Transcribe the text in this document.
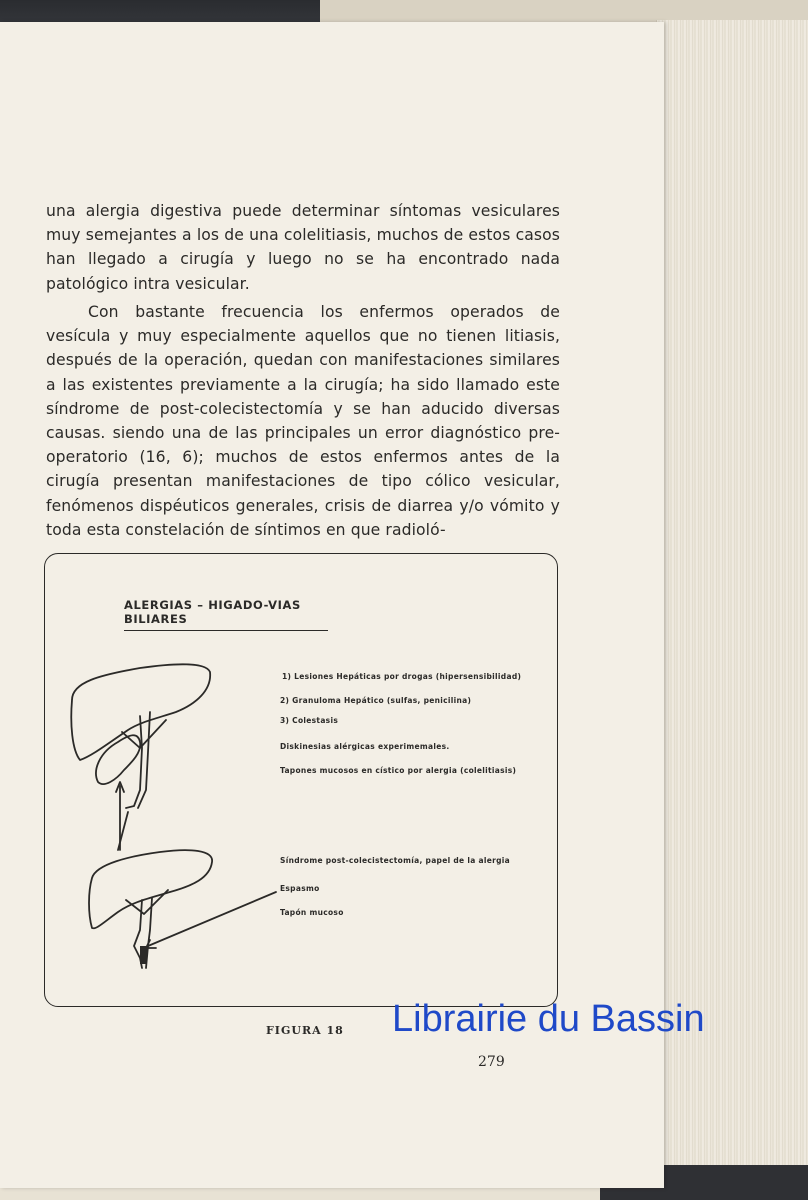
una alergia digestiva puede determinar síntomas vesiculares muy semejantes a los de una colelitiasis, muchos de estos casos han llegado a cirugía y luego no se ha encontrado nada patológico intra vesicular.
Con bastante frecuencia los enfermos operados de vesícula y muy especialmente aquellos que no tienen litiasis, después de la operación, quedan con manifestaciones similares a las existentes previamente a la cirugía; ha sido llamado este síndrome de post-colecistectomía y se han aducido diversas causas. siendo una de las principales un error diagnóstico pre-operatorio (16, 6); muchos de estos enfermos antes de la cirugía presentan manifestaciones de tipo cólico vesicular, fenómenos dispéuticos generales, crisis de diarrea y/o vómito y toda esta constelación de síntimos en que radioló-
ALERGIAS – HIGADO-VIAS BILIARES
1) Lesiones Hepáticas por drogas (hipersensibilidad)
2) Granuloma Hepático (sulfas, penicilina)
3) Colestasis
Diskinesias alérgicas experimemales.
Tapones mucosos en cístico por alergia (colelitiasis)
Síndrome post-colecistectomía, papel de la alergia
Espasmo
Tapón mucoso
FIGURA 18
279
Librairie du Bassin
